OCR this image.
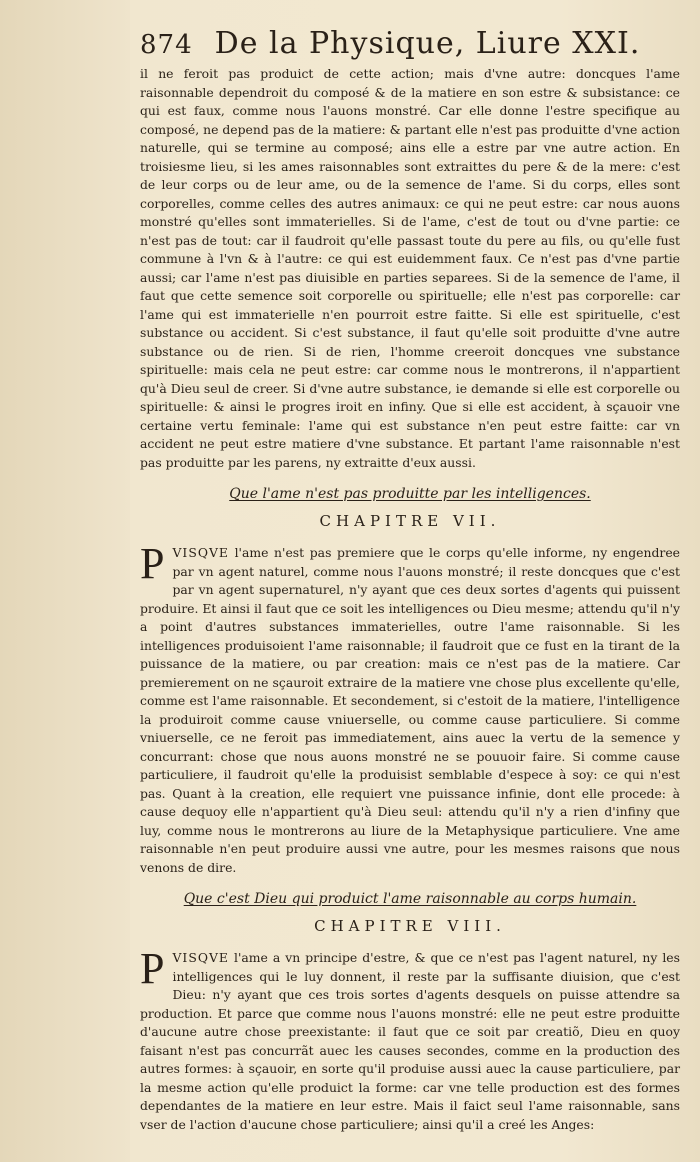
874 De la Physique, Liure XXI.

il ne feroit pas produict de cette action; mais d'vne autre: doncques l'ame raisonnable dependroit du composé & de la matiere en son estre & subsistance: ce qui est faux, comme nous l'auons monstré. Car elle donne l'estre specifique au composé, ne depend pas de la matiere: & partant elle n'est pas produitte d'vne action naturelle, qui se termine au composé; ains elle a estre par vne autre action. En troisiesme lieu, si les ames raisonnables sont extraittes du pere & de la mere: c'est de leur corps ou de leur ame, ou de la semence de l'ame. Si du corps, elles sont corporelles, comme celles des autres animaux: ce qui ne peut estre: car nous auons monstré qu'elles sont immaterielles. Si de l'ame, c'est de tout ou d'vne partie: ce n'est pas de tout: car il faudroit qu'elle passast toute du pere au fils, ou qu'elle fust commune à l'vn & à l'autre: ce qui est euidemment faux. Ce n'est pas d'vne partie aussi; car l'ame n'est pas diuisible en parties separees. Si de la semence de l'ame, il faut que cette semence soit corporelle ou spirituelle; elle n'est pas corporelle: car l'ame qui est immaterielle n'en pourroit estre faitte. Si elle est spirituelle, c'est substance ou accident. Si c'est substance, il faut qu'elle soit produitte d'vne autre substance ou de rien. Si de rien, l'homme creeroit doncques vne substance spirituelle: mais cela ne peut estre: car comme nous le montrerons, il n'appartient qu'à Dieu seul de creer. Si d'vne autre substance, ie demande si elle est corporelle ou spirituelle: & ainsi le progres iroit en infiny. Que si elle est accident, à sçauoir vne certaine vertu feminale: l'ame qui est substance n'en peut estre faitte: car vn accident ne peut estre matiere d'vne substance. Et partant l'ame raisonnable n'est pas produitte par les parens, ny extraitte d'eux aussi.

Que l'ame n'est pas produitte par les intelligences.
CHAPITRE VII.
P VISQVE l'ame n'est pas premiere que le corps qu'elle informe, ny engendree par vn agent naturel, comme nous l'auons monstré; il reste doncques que c'est par vn agent supernaturel, n'y ayant que ces deux sortes d'agents qui puissent produire. Et ainsi il faut que ce soit les intelligences ou Dieu mesme; attendu qu'il n'y a point d'autres substances immaterielles, outre l'ame raisonnable. Si les intelligences produisoient l'ame raisonnable; il faudroit que ce fust en la tirant de la puissance de la matiere, ou par creation: mais ce n'est pas de la matiere. Car premierement on ne sçauroit extraire de la matiere vne chose plus excellente qu'elle, comme est l'ame raisonnable. Et secondement, si c'estoit de la matiere, l'intelligence la produiroit comme cause vniuerselle, ou comme cause particuliere. Si comme vniuerselle, ce ne feroit pas immediatement, ains auec la vertu de la semence y concurrant: chose que nous auons monstré ne se pouuoir faire. Si comme cause particuliere, il faudroit qu'elle la produisist semblable d'espece à soy: ce qui n'est pas. Quant à la creation, elle requiert vne puissance infinie, dont elle procede: à cause dequoy elle n'appartient qu'à Dieu seul: attendu qu'il n'y a rien d'infiny que luy, comme nous le montrerons au liure de la Metaphysique particuliere. Vne ame raisonnable n'en peut produire aussi vne autre, pour les mesmes raisons que nous venons de dire.
Que c'est Dieu qui produict l'ame raisonnable au corps humain.
CHAPITRE VIII.
P VISQVE l'ame a vn principe d'estre, & que ce n'est pas l'agent naturel, ny les intelligences qui le luy donnent, il reste par la suffisante diuision, que c'est Dieu: n'y ayant que ces trois sortes d'agents desquels on puisse attendre sa production. Et parce que comme nous l'auons monstré: elle ne peut estre produitte d'aucune autre chose preexistante: il faut que ce soit par creatiõ, Dieu en quoy faisant n'est pas concurrãt auec les causes secondes, comme en la production des autres formes: à sçauoir, en sorte qu'il produise aussi auec la cause particuliere, par la mesme action qu'elle produict la forme: car vne telle production est des formes dependantes de la matiere en leur estre. Mais il faict seul l'ame raisonnable, sans vser de l'action d'aucune chose particuliere; ainsi qu'il a creé les Anges:
